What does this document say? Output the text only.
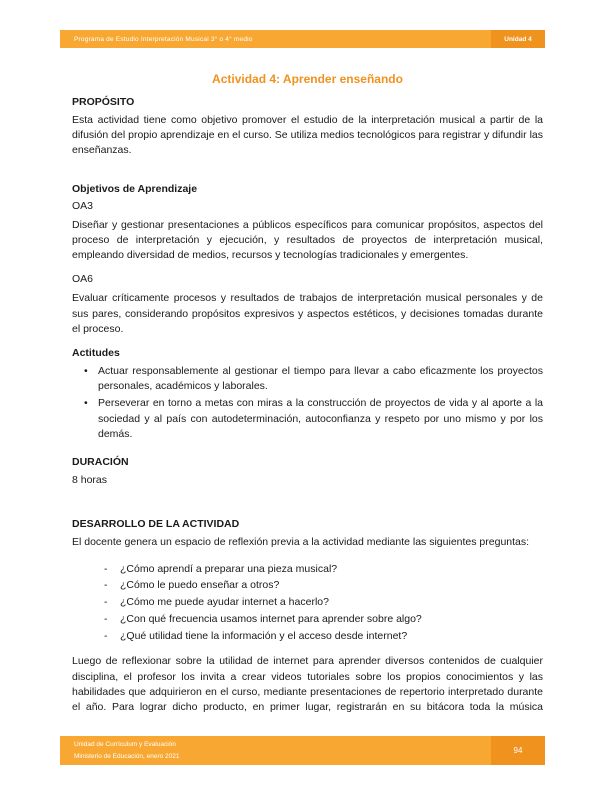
Programa de Estudio Interpretación Musical 3° o 4° medio	Unidad 4
Actividad 4: Aprender enseñando
PROPÓSITO

Esta actividad tiene como objetivo promover el estudio de la interpretación musical a partir de la difusión del propio aprendizaje en el curso. Se utiliza medios tecnológicos para registrar y difundir las enseñanzas.

Objetivos de Aprendizaje
OA3

Diseñar y gestionar presentaciones a públicos específicos para comunicar propósitos, aspectos del proceso de interpretación y ejecución, y resultados de proyectos de interpretación musical, empleando diversidad de medios, recursos y tecnologías tradicionales y emergentes.

OA6

Evaluar críticamente procesos y resultados de trabajos de interpretación musical personales y de sus pares, considerando propósitos expresivos y aspectos estéticos, y decisiones tomadas durante el proceso.

Actitudes
• Actuar responsablemente al gestionar el tiempo para llevar a cabo eficazmente los proyectos personales, académicos y laborales.
• Perseverar en torno a metas con miras a la construcción de proyectos de vida y al aporte a la sociedad y al país con autodeterminación, autoconfianza y respeto por uno mismo y por los demás.
DURACIÓN

8 horas

DESARROLLO DE LA ACTIVIDAD

El docente genera un espacio de reflexión previa a la actividad mediante las siguientes preguntas:

-	¿Cómo aprendí a preparar una pieza musical?
-	¿Cómo le puedo enseñar a otros?
-	¿Cómo me puede ayudar internet a hacerlo?
-	¿Con qué frecuencia usamos internet para aprender sobre algo?
-	¿Qué utilidad tiene la información y el acceso desde internet?

Luego de reflexionar sobre la utilidad de internet para aprender diversos contenidos de cualquier disciplina, el profesor los invita a crear videos tutoriales sobre los propios conocimientos y las habilidades que adquirieron en el curso, mediante presentaciones de repertorio interpretado durante el año. Para lograr dicho producto, en primer lugar, registrarán en su bitácora toda la música

Unidad de Currículum y Evaluación
Ministerio de Educación, enero 2021
94
